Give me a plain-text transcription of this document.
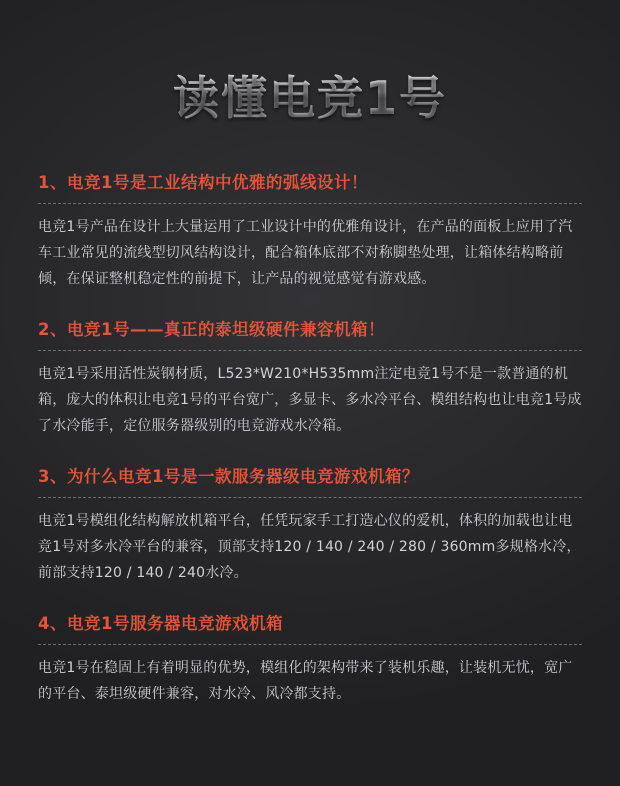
读懂电竞1号
1、电竞1号是工业结构中优雅的弧线设计！

电竞1号产品在设计上大量运用了工业设计中的优雅角设计，在产品的面板上应用了汽车工业常见的流线型切风结构设计，配合箱体底部不对称脚垫处理，让箱体结构略前倾，在保证整机稳定性的前提下，让产品的视觉感觉有游戏感。

2、电竞1号——真正的泰坦级硬件兼容机箱！

电竞1号采用活性炭钢材质，L523*W210*H535mm注定电竞1号不是一款普通的机箱，庞大的体积让电竞1号的平台宽广，多显卡、多水冷平台、模组结构也让电竞1号成了水冷能手，定位服务器级别的电竞游戏水冷箱。

3、为什么电竞1号是一款服务器级电竞游戏机箱？

电竞1号模组化结构解放机箱平台，任凭玩家手工打造心仪的爱机，体积的加载也让电竞1号对多水冷平台的兼容，顶部支持120 / 140 / 240 / 280 / 360mm多规格水冷，前部支持120 / 140 / 240水冷。

4、电竞1号服务器电竞游戏机箱

电竞1号在稳固上有着明显的优势，模组化的架构带来了装机乐趣，让装机无忧，宽广的平台、泰坦级硬件兼容，对水冷、风冷都支持。
